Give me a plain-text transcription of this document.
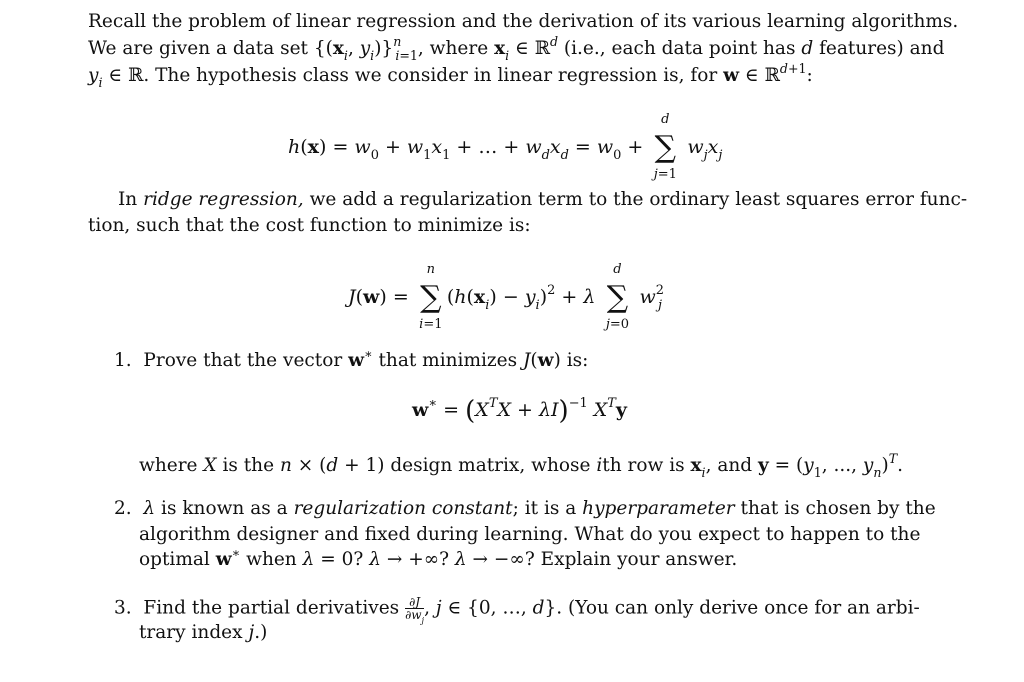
Recall the problem of linear regression and the derivation of its various learning algorithms.
We are given a data set {($x_i$, $y_i)\}^n_{i=1}$, where $x_i$ ∈ ℝ$^d$ (i.e., each data point has d features) and
$y_i$ ∈ ℝ. The hypothesis class we consider in linear regression is, for w ∈ ℝ$^{d+1}$:
$h(x) = w_0 + w_1x_1$ + … + $w_dx_d = w_0$ +
d
∑
j=1
$w_jx_j$
In ridge regression, we add a regularization term to the ordinary least squares error func-
tion, such that the cost function to minimize is:
J(w) =
n
∑
i=1
$(h(x_i) - y_i)^2 + \lambda$
d
∑
j=0
$w^2_j$
1. Prove that the vector w∗ that minimizes J(w) is:
$w^∗ = (X^TX + \lambda I)^{-1}$ $X^Ty$
where X is the n × (d + 1) design matrix, whose ith row is $x_i$, and $y = (y_1$, ..., $y_n)^T$.
2. λ is known as a regularization constant; it is a hyperparameter that is chosen by the
algorithm designer and fixed during learning. What do you expect to happen to the
optimal w∗ when λ = 0? λ → +∞? λ → −∞? Explain your answer.
3. Find the partial derivatives $\frac{\partial J}{\partial w_j}$ , j ∈ {0, …, d}. (You can only derive once for an arbi-
trary index j.)
